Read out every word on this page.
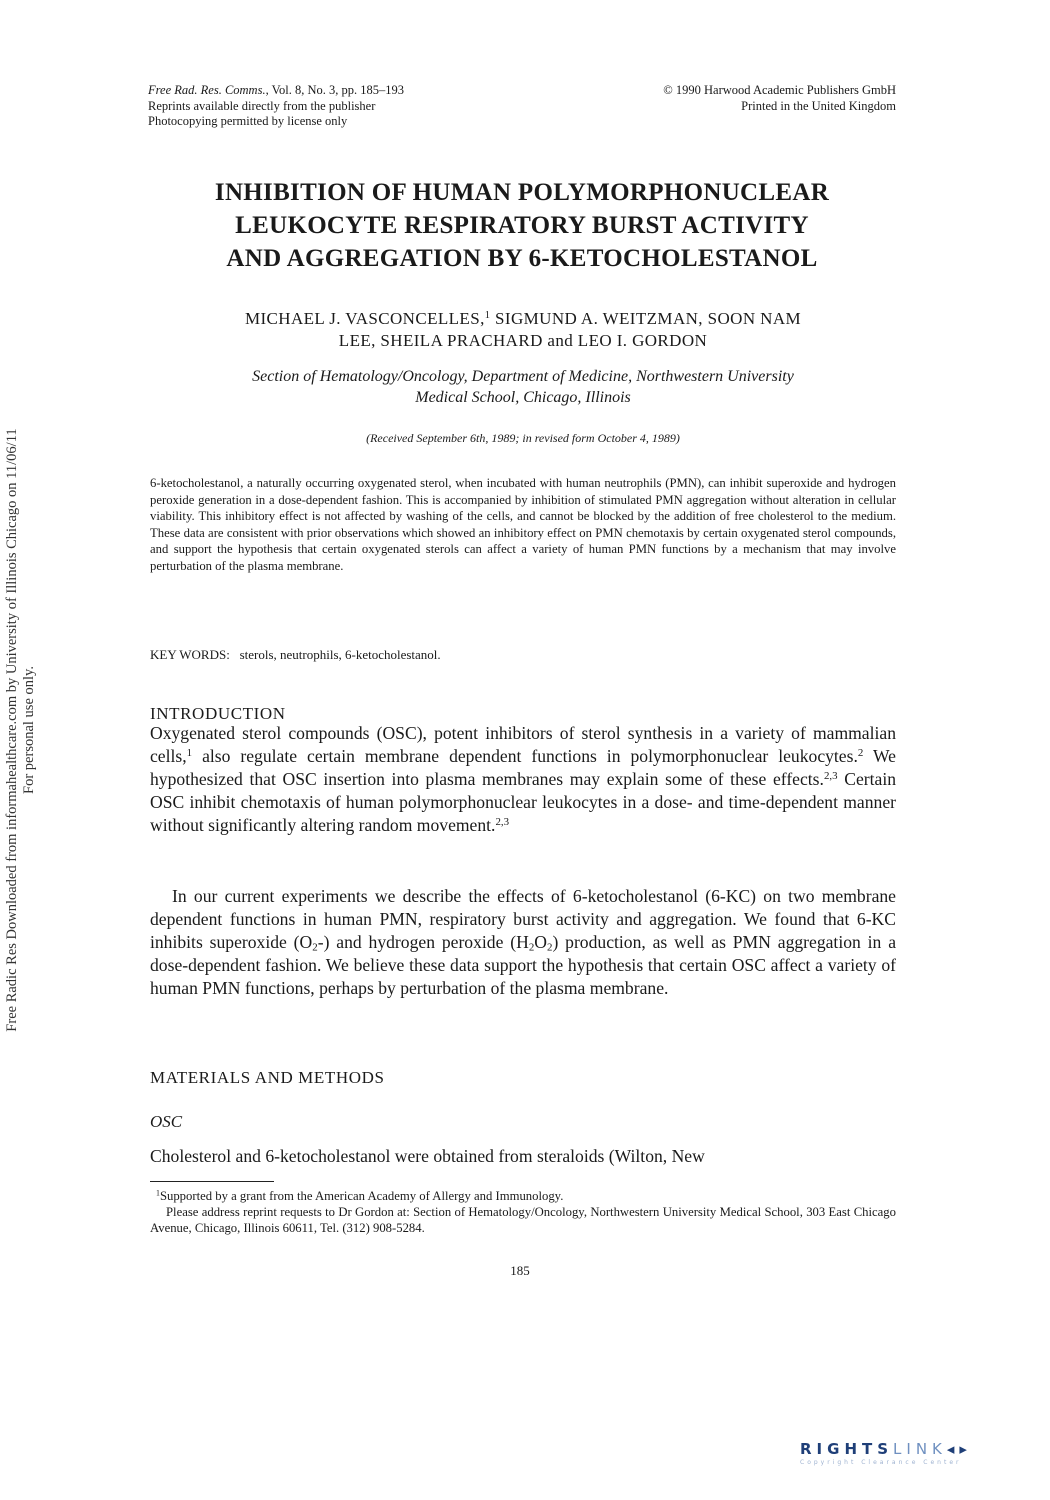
Free Rad. Res. Comms., Vol. 8, No. 3, pp. 185–193
Reprints available directly from the publisher
Photocopying permitted by license only
© 1990 Harwood Academic Publishers GmbH
Printed in the United Kingdom
Free Radic Res Downloaded from informahealthcare.com by University of Illinois Chicago on 11/06/11 For personal use only.
INHIBITION OF HUMAN POLYMORPHONUCLEAR
LEUKOCYTE RESPIRATORY BURST ACTIVITY
AND AGGREGATION BY 6-KETOCHOLESTANOL
MICHAEL J. VASCONCELLES,$^1$ SIGMUND A. WEITZMAN, SOON NAM
LEE, SHEILA PRACHARD and LEO I. GORDON
Section of Hematology/Oncology, Department of Medicine, Northwestern University
Medical School, Chicago, Illinois
(Received September 6th, 1989; in revised form October 4, 1989)
6-ketocholestanol, a naturally occurring oxygenated sterol, when incubated with human neutrophils (PMN), can inhibit superoxide and hydrogen peroxide generation in a dose-dependent fashion. This is accompanied by inhibition of stimulated PMN aggregation without alteration in cellular viability. This inhibitory effect is not affected by washing of the cells, and cannot be blocked by the addition of free cholesterol to the medium. These data are consistent with prior observations which showed an inhibitory effect on PMN chemotaxis by certain oxygenated sterol compounds, and support the hypothesis that certain oxygenated sterols can affect a variety of human PMN functions by a mechanism that may involve perturbation of the plasma membrane.
KEY WORDS: sterols, neutrophils, 6-ketocholestanol.
INTRODUCTION
Oxygenated sterol compounds (OSC), potent inhibitors of sterol synthesis in a variety of mammalian cells,$^1$ also regulate certain membrane dependent functions in polymorphonuclear leukocytes.$^2$ We hypothesized that OSC insertion into plasma membranes may explain some of these effects.$^{2,3}$ Certain OSC inhibit chemotaxis of human polymorphonuclear leukocytes in a dose- and time-dependent manner without significantly altering random movement.$^{2,3}$
In our current experiments we describe the effects of 6-ketocholestanol (6-KC) on two membrane dependent functions in human PMN, respiratory burst activity and aggregation. We found that 6-KC inhibits superoxide $(O_2-)$ and hydrogen peroxide $(H_2O_2)$ production, as well as PMN aggregation in a dose-dependent fashion. We believe these data support the hypothesis that certain OSC affect a variety of human PMN functions, perhaps by perturbation of the plasma membrane.
MATERIALS AND METHODS
OSC
Cholesterol and 6-ketocholestanol were obtained from steraloids (Wilton, New
$^1$Supported by a grant from the American Academy of Allergy and Immunology.
Please address reprint requests to Dr Gordon at: Section of Hematology/Oncology, Northwestern University Medical School, 303 East Chicago Avenue, Chicago, Illinois 60611, Tel. (312) 908-5284.
185
RIGHTSLINK◂▸
Copyright Clearance Center
